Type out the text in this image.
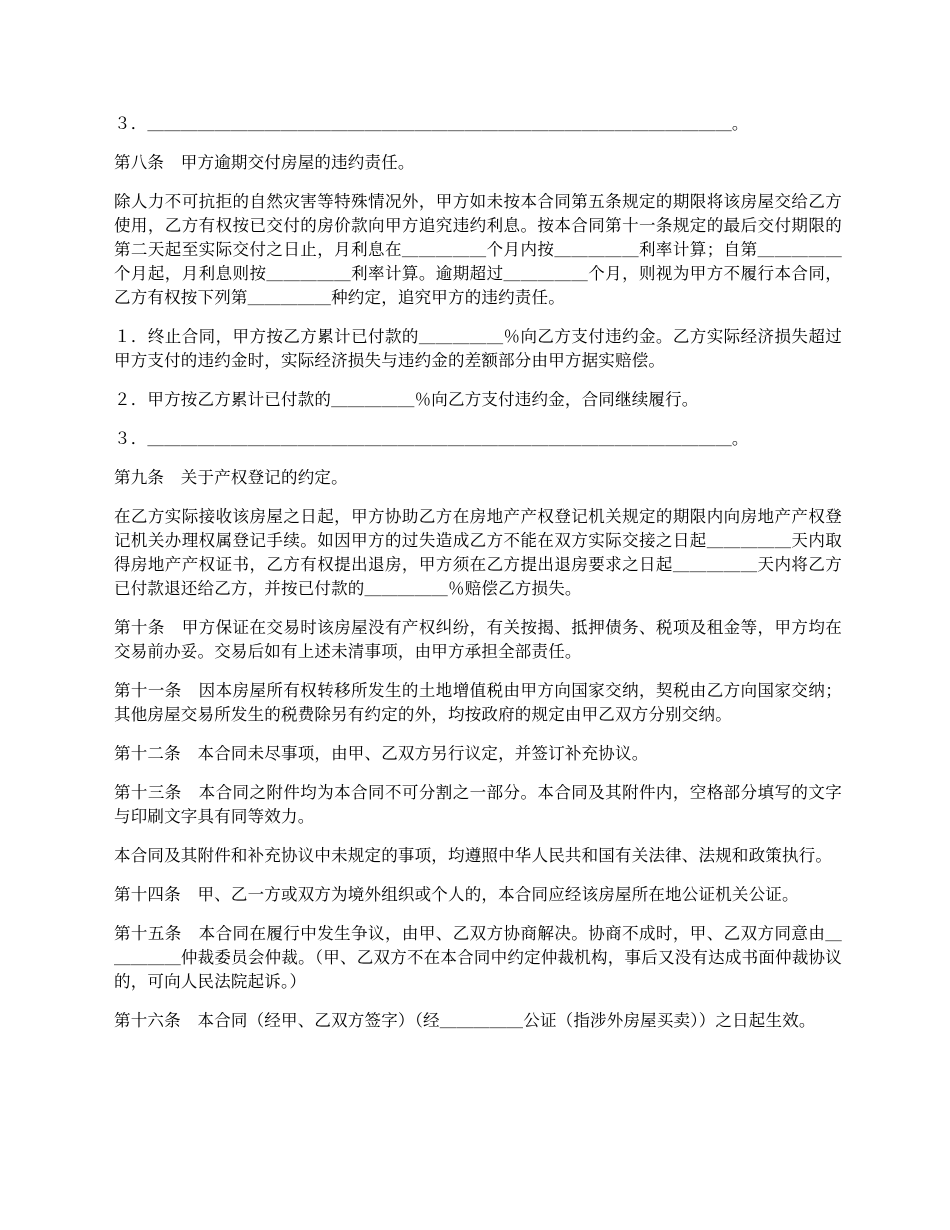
３．＿＿＿＿＿＿＿＿＿＿＿＿＿＿＿＿＿＿＿＿＿＿＿＿＿＿＿＿＿＿＿＿＿＿＿。

第八条　甲方逾期交付房屋的违约责任。

除人力不可抗拒的自然灾害等特殊情况外，甲方如未按本合同第五条规定的期限将该房屋交给乙方使用，乙方有权按已交付的房价款向甲方追究违约利息。按本合同第十一条规定的最后交付期限的第二天起至实际交付之日止，月利息在＿＿＿＿＿个月内按＿＿＿＿＿利率计算；自第＿＿＿＿＿个月起，月利息则按＿＿＿＿＿利率计算。逾期超过＿＿＿＿＿个月，则视为甲方不履行本合同，乙方有权按下列第＿＿＿＿＿种约定，追究甲方的违约责任。

１．终止合同，甲方按乙方累计已付款的＿＿＿＿＿％向乙方支付违约金。乙方实际经济损失超过甲方支付的违约金时，实际经济损失与违约金的差额部分由甲方据实赔偿。

２．甲方按乙方累计已付款的＿＿＿＿＿％向乙方支付违约金，合同继续履行。

３．＿＿＿＿＿＿＿＿＿＿＿＿＿＿＿＿＿＿＿＿＿＿＿＿＿＿＿＿＿＿＿＿＿＿＿。

第九条　关于产权登记的约定。

在乙方实际接收该房屋之日起，甲方协助乙方在房地产产权登记机关规定的期限内向房地产产权登记机关办理权属登记手续。如因甲方的过失造成乙方不能在双方实际交接之日起＿＿＿＿＿天内取得房地产产权证书，乙方有权提出退房，甲方须在乙方提出退房要求之日起＿＿＿＿＿天内将乙方已付款退还给乙方，并按已付款的＿＿＿＿＿％赔偿乙方损失。

第十条　甲方保证在交易时该房屋没有产权纠纷，有关按揭、抵押债务、税项及租金等，甲方均在交易前办妥。交易后如有上述未清事项，由甲方承担全部责任。

第十一条　因本房屋所有权转移所发生的土地增值税由甲方向国家交纳，契税由乙方向国家交纳；其他房屋交易所发生的税费除另有约定的外，均按政府的规定由甲乙双方分别交纳。

第十二条　本合同未尽事项，由甲、乙双方另行议定，并签订补充协议。

第十三条　本合同之附件均为本合同不可分割之一部分。本合同及其附件内，空格部分填写的文字与印刷文字具有同等效力。

本合同及其附件和补充协议中未规定的事项，均遵照中华人民共和国有关法律、法规和政策执行。

第十四条　甲、乙一方或双方为境外组织或个人的，本合同应经该房屋所在地公证机关公证。

第十五条　本合同在履行中发生争议，由甲、乙双方协商解决。协商不成时，甲、乙双方同意由＿＿＿＿＿仲裁委员会仲裁。（甲、乙双方不在本合同中约定仲裁机构，事后又没有达成书面仲裁协议的，可向人民法院起诉。）

第十六条　本合同（经甲、乙双方签字）（经＿＿＿＿＿公证（指涉外房屋买卖））之日起生效。
